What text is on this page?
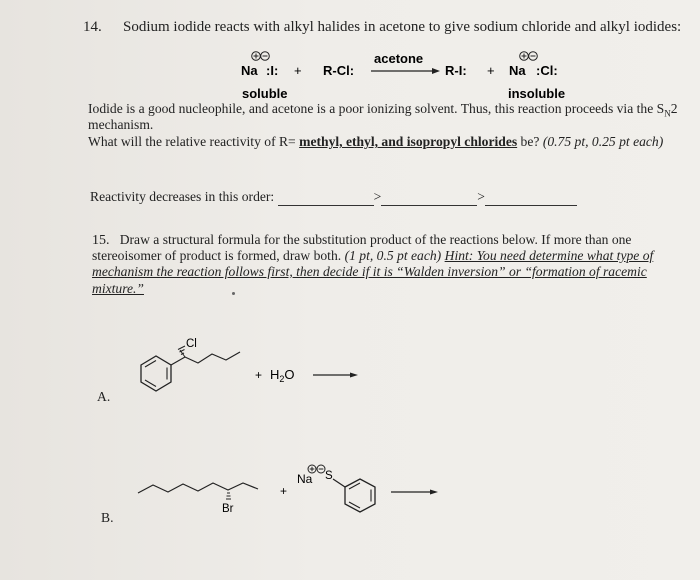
14. Sodium iodide reacts with alkyl halides in acetone to give sodium chloride and alkyl iodides:
Na :I: + R-Cl:
acetone
R-I: + Na :Cl:
soluble	insoluble
Iodide is a good nucleophile, and acetone is a poor ionizing solvent. Thus, this reaction proceeds via the $S_N2$
mechanism.
What will the relative reactivity of R= methyl, ethyl, and isopropyl chlorides be? (0.75 pt, 0.25 pt each)
Reactivity decreases in this order:	>	>
15. Draw a structural formula for the substitution product of the reactions below. If more than one
stereoisomer of product is formed, draw both. (1 pt, 0.5 pt each) Hint: You need determine what type of
mechanism the reaction follows first, then decide if it is “Walden inversion” or “formation of racemic
mixture.”
A.
Cl
+ $H_2O$
B.
Br
+
Na S
